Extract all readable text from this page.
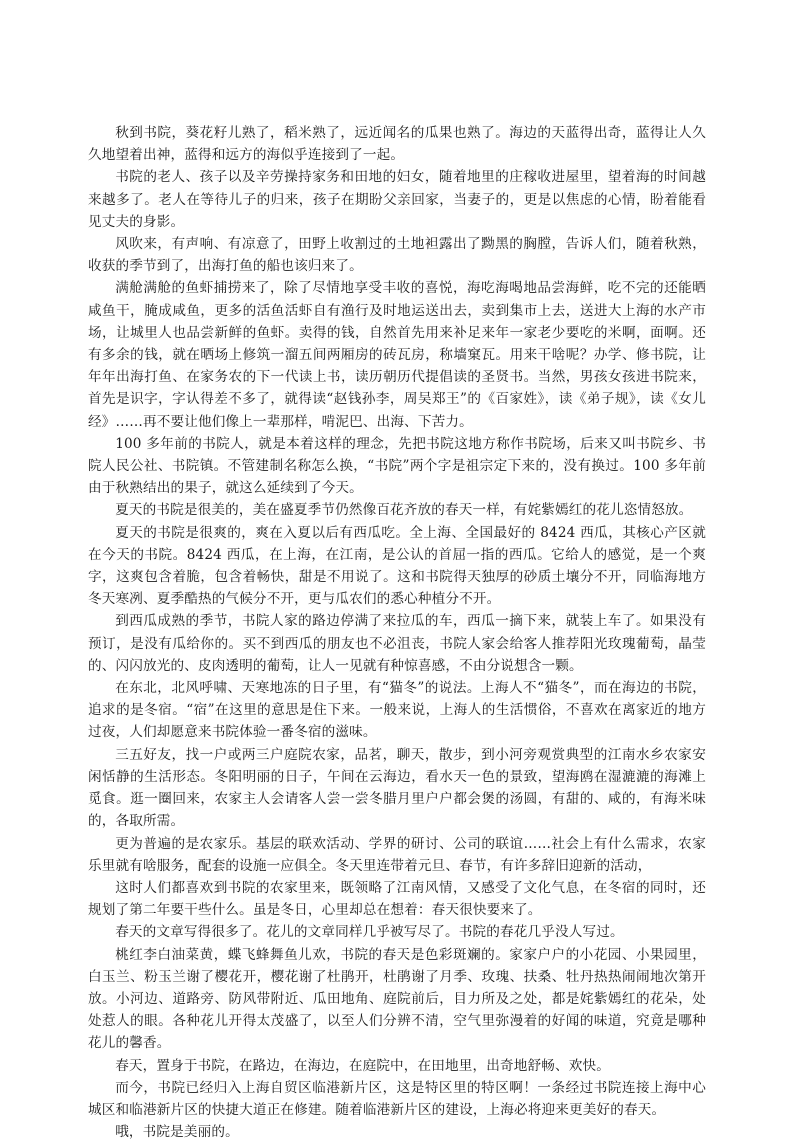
秋到书院，葵花籽儿熟了，稻米熟了，远近闻名的瓜果也熟了。海边的天蓝得出奇，蓝得让人久久地望着出神，蓝得和远方的海似乎连接到了一起。

书院的老人、孩子以及辛劳操持家务和田地的妇女，随着地里的庄稼收进屋里，望着海的时间越来越多了。老人在等待儿子的归来，孩子在期盼父亲回家，当妻子的，更是以焦虑的心情，盼着能看见丈夫的身影。

风吹来，有声响、有凉意了，田野上收割过的土地袒露出了黝黑的胸膛，告诉人们，随着秋熟，收获的季节到了，出海打鱼的船也该归来了。

满舱满舱的鱼虾捕捞来了，除了尽情地享受丰收的喜悦，海吃海喝地品尝海鲜，吃不完的还能晒咸鱼干，腌成咸鱼，更多的活鱼活虾自有渔行及时地运送出去，卖到集市上去，送进大上海的水产市场，让城里人也品尝新鲜的鱼虾。卖得的钱，自然首先用来补足来年一家老少要吃的米啊，面啊。还有多余的钱，就在晒场上修筑一溜五间两厢房的砖瓦房，称墙窠瓦。用来干啥呢？办学、修书院，让年年出海打鱼、在家务农的下一代读上书，读历朝历代提倡读的圣贤书。当然，男孩女孩进书院来，首先是识字，字认得差不多了，就得读“赵钱孙李，周吴郑王”的《百家姓》，读《弟子规》，读《女儿经》……再不要让他们像上一辈那样，啃泥巴、出海、下苦力。

100 多年前的书院人，就是本着这样的理念，先把书院这地方称作书院场，后来又叫书院乡、书院人民公社、书院镇。不管建制名称怎么换，“书院”两个字是祖宗定下来的，没有换过。100 多年前由于秋熟结出的果子，就这么延续到了今天。

夏天的书院是很美的，美在盛夏季节仍然像百花齐放的春天一样，有姹紫嫣红的花儿恣情怒放。

夏天的书院是很爽的，爽在入夏以后有西瓜吃。全上海、全国最好的 8424 西瓜，其核心产区就在今天的书院。8424 西瓜，在上海，在江南，是公认的首屈一指的西瓜。它给人的感觉，是一个爽字，这爽包含着脆，包含着畅快，甜是不用说了。这和书院得天独厚的砂质土壤分不开，同临海地方冬天寒冽、夏季酷热的气候分不开，更与瓜农们的悉心种植分不开。

到西瓜成熟的季节，书院人家的路边停满了来拉瓜的车，西瓜一摘下来，就装上车了。如果没有预订，是没有瓜给你的。买不到西瓜的朋友也不必沮丧，书院人家会给客人推荐阳光玫瑰葡萄，晶莹的、闪闪放光的、皮肉透明的葡萄，让人一见就有种惊喜感，不由分说想含一颗。

在东北，北风呼啸、天寒地冻的日子里，有“猫冬”的说法。上海人不“猫冬”，而在海边的书院，追求的是冬宿。“宿”在这里的意思是住下来。一般来说，上海人的生活惯俗，不喜欢在离家近的地方过夜，人们却愿意来书院体验一番冬宿的滋味。

三五好友，找一户或两三户庭院农家，品茗，聊天，散步，到小河旁观赏典型的江南水乡农家安闲恬静的生活形态。冬阳明丽的日子，午间在云海边，看水天一色的景致，望海鸥在湿漉漉的海滩上觅食。逛一圈回来，农家主人会请客人尝一尝冬腊月里户户都会煲的汤圆，有甜的、咸的，有海米味的，各取所需。

更为普遍的是农家乐。基层的联欢活动、学界的研讨、公司的联谊……社会上有什么需求，农家乐里就有啥服务，配套的设施一应俱全。冬天里连带着元旦、春节，有许多辞旧迎新的活动，

这时人们都喜欢到书院的农家里来，既领略了江南风情，又感受了文化气息，在冬宿的同时，还规划了第二年要干些什么。虽是冬日，心里却总在想着：春天很快要来了。

春天的文章写得很多了。花儿的文章同样几乎被写尽了。书院的春花几乎没人写过。

桃红李白油菜黄，蝶飞蜂舞鱼儿欢，书院的春天是色彩斑斓的。家家户户的小花园、小果园里，白玉兰、粉玉兰谢了樱花开，樱花谢了杜鹃开，杜鹃谢了月季、玫瑰、扶桑、牡丹热热闹闹地次第开放。小河边、道路旁、防风带附近、瓜田地角、庭院前后，目力所及之处，都是姹紫嫣红的花朵，处处惹人的眼。各种花儿开得太茂盛了，以至人们分辨不清，空气里弥漫着的好闻的味道，究竟是哪种花儿的馨香。

春天，置身于书院，在路边，在海边，在庭院中，在田地里，出奇地舒畅、欢快。

而今，书院已经归入上海自贸区临港新片区，这是特区里的特区啊！一条经过书院连接上海中心城区和临港新片区的快捷大道正在修建。随着临港新片区的建设，上海必将迎来更美好的春天。

哦，书院是美丽的。
